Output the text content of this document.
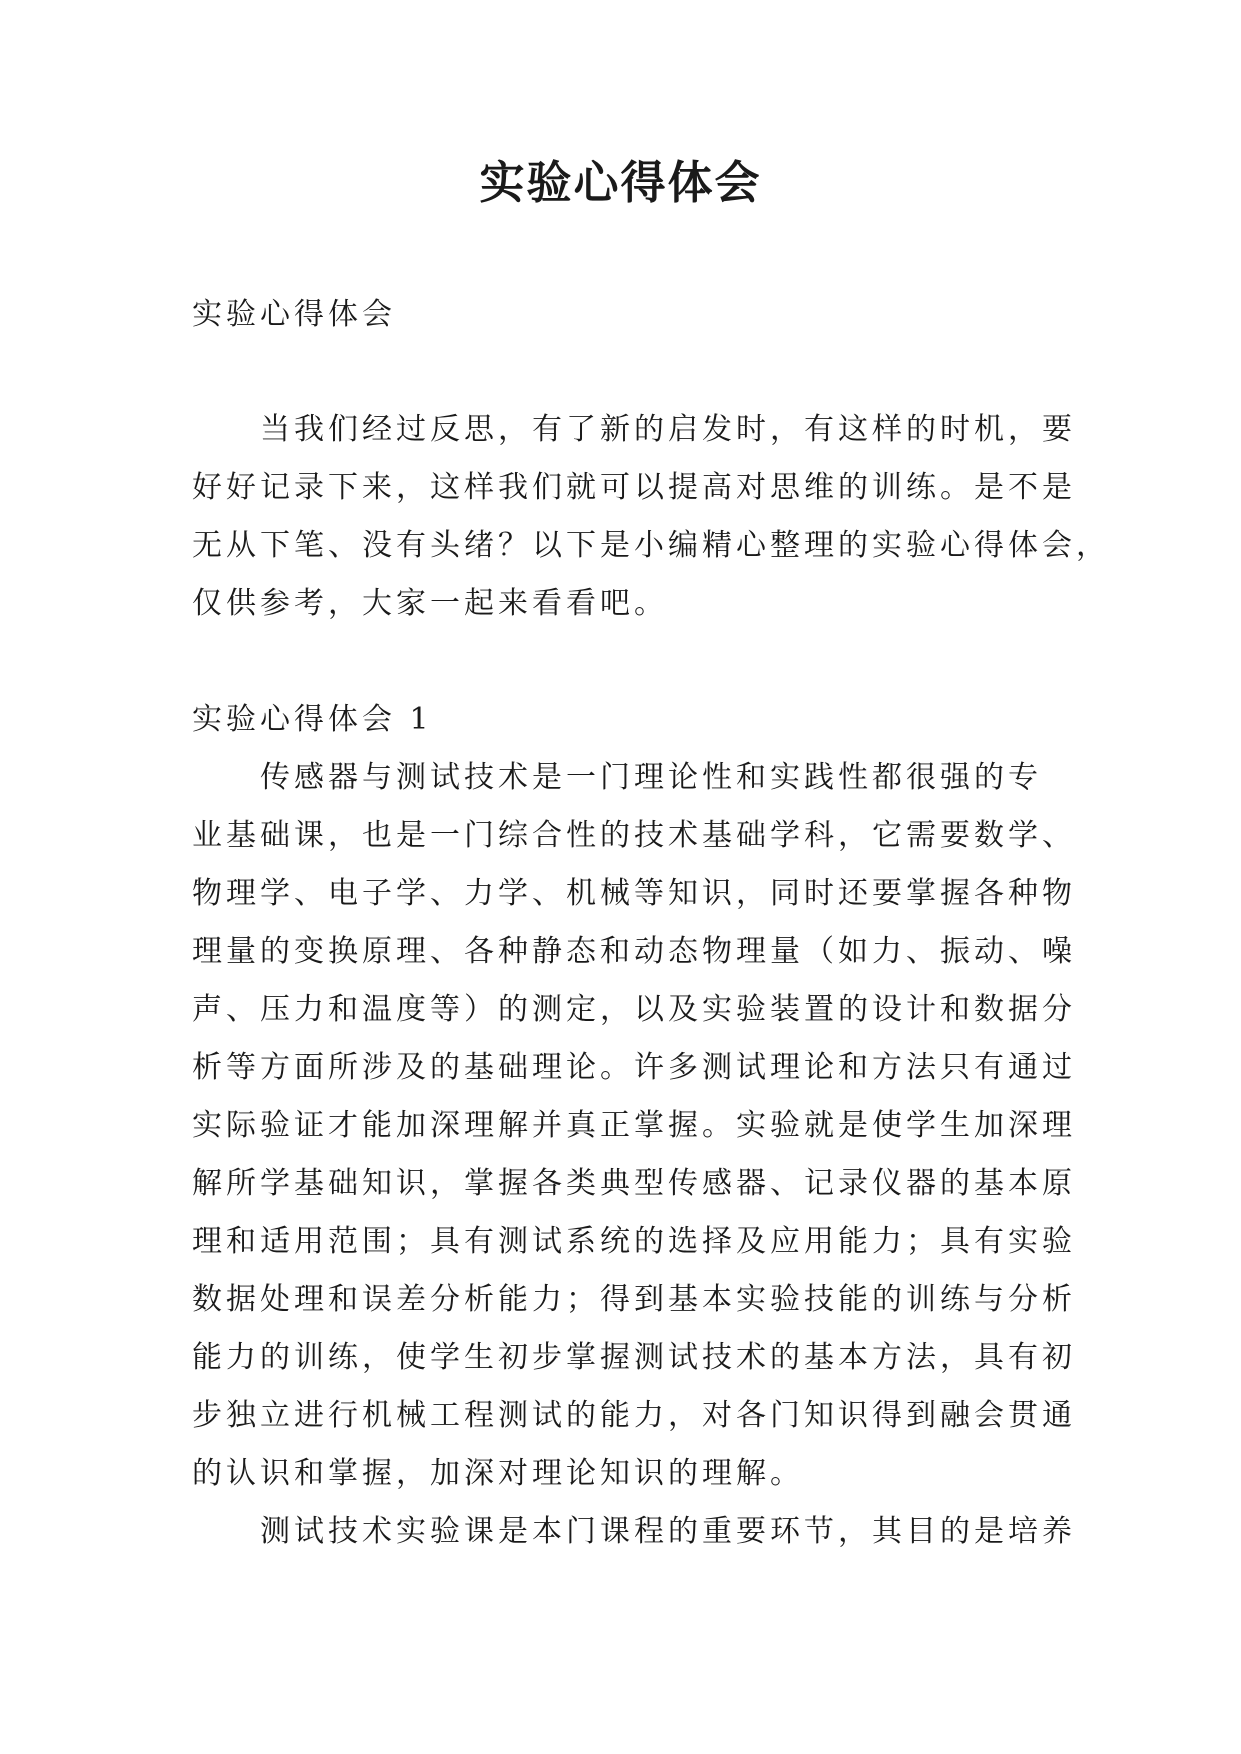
实验心得体会
实验心得体会
当我们经过反思，有了新的启发时，有这样的时机，要
好好记录下来，这样我们就可以提高对思维的训练。是不是
无从下笔、没有头绪？以下是小编精心整理的实验心得体会，
仅供参考，大家一起来看看吧。
实验心得体会 1
传感器与测试技术是一门理论性和实践性都很强的专
业基础课，也是一门综合性的技术基础学科，它需要数学、
物理学、电子学、力学、机械等知识，同时还要掌握各种物
理量的变换原理、各种静态和动态物理量（如力、振动、噪
声、压力和温度等）的测定，以及实验装置的设计和数据分
析等方面所涉及的基础理论。许多测试理论和方法只有通过
实际验证才能加深理解并真正掌握。实验就是使学生加深理
解所学基础知识，掌握各类典型传感器、记录仪器的基本原
理和适用范围；具有测试系统的选择及应用能力；具有实验
数据处理和误差分析能力；得到基本实验技能的训练与分析
能力的训练，使学生初步掌握测试技术的基本方法，具有初
步独立进行机械工程测试的能力，对各门知识得到融会贯通
的认识和掌握，加深对理论知识的理解。
测试技术实验课是本门课程的重要环节，其目的是培养
